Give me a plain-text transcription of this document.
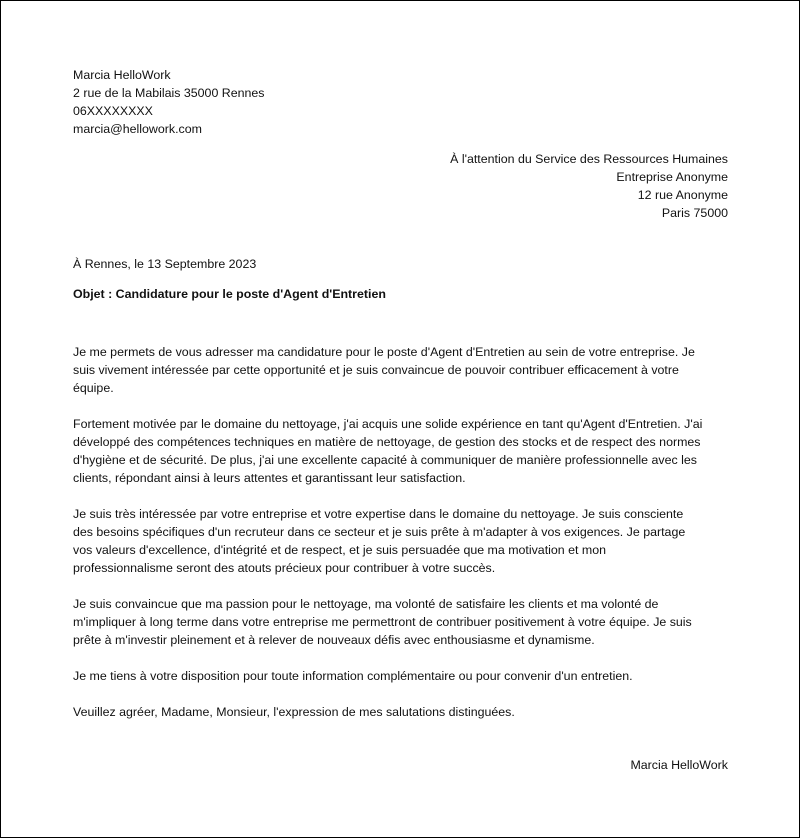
Marcia HelloWork
2 rue de la Mabilais 35000 Rennes
06XXXXXXXX
marcia@hellowork.com
À l'attention du Service des Ressources Humaines
Entreprise Anonyme
12 rue Anonyme
Paris 75000
À Rennes, le 13 Septembre 2023
Objet : Candidature pour le poste d'Agent d'Entretien
Je me permets de vous adresser ma candidature pour le poste d'Agent d'Entretien au sein de votre entreprise. Je
suis vivement intéressée par cette opportunité et je suis convaincue de pouvoir contribuer efficacement à votre
équipe.
Fortement motivée par le domaine du nettoyage, j'ai acquis une solide expérience en tant qu'Agent d'Entretien. J'ai
développé des compétences techniques en matière de nettoyage, de gestion des stocks et de respect des normes
d'hygiène et de sécurité. De plus, j'ai une excellente capacité à communiquer de manière professionnelle avec les
clients, répondant ainsi à leurs attentes et garantissant leur satisfaction.
Je suis très intéressée par votre entreprise et votre expertise dans le domaine du nettoyage. Je suis consciente
des besoins spécifiques d'un recruteur dans ce secteur et je suis prête à m'adapter à vos exigences. Je partage
vos valeurs d'excellence, d'intégrité et de respect, et je suis persuadée que ma motivation et mon
professionnalisme seront des atouts précieux pour contribuer à votre succès.
Je suis convaincue que ma passion pour le nettoyage, ma volonté de satisfaire les clients et ma volonté de
m'impliquer à long terme dans votre entreprise me permettront de contribuer positivement à votre équipe. Je suis
prête à m'investir pleinement et à relever de nouveaux défis avec enthousiasme et dynamisme.
Je me tiens à votre disposition pour toute information complémentaire ou pour convenir d'un entretien.
Veuillez agréer, Madame, Monsieur, l'expression de mes salutations distinguées.
Marcia HelloWork
